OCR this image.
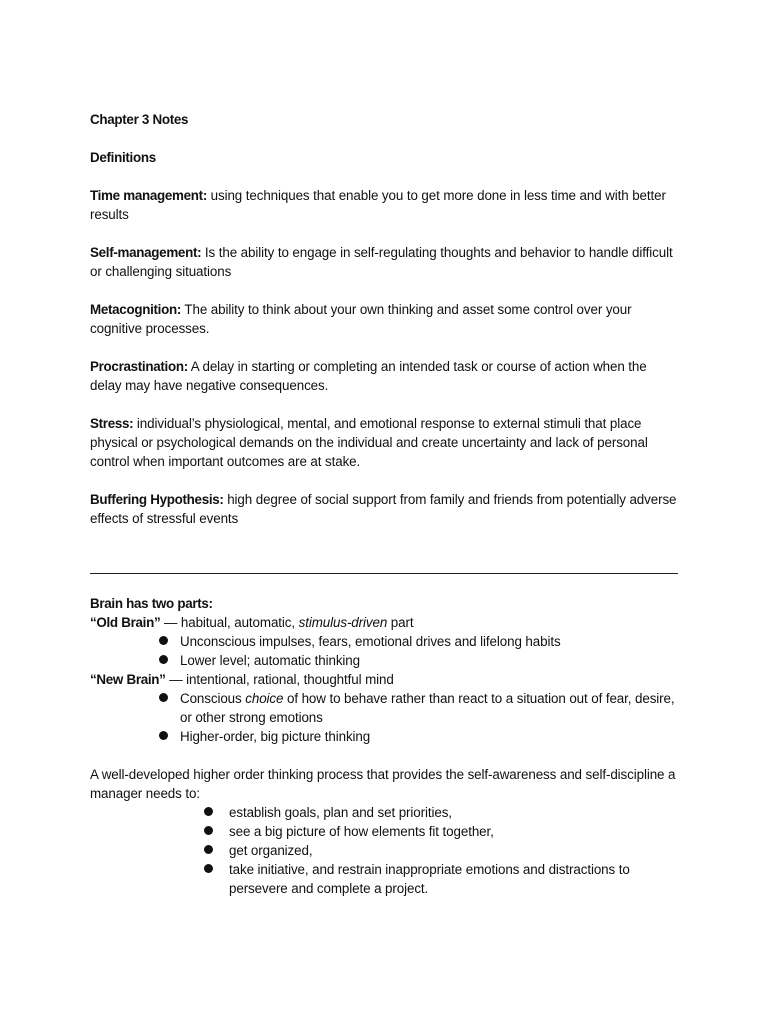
Chapter 3 Notes

Definitions

Time management: using techniques that enable you to get more done in less time and with better results

Self-management: Is the ability to engage in self-regulating thoughts and behavior to handle difficult or challenging situations

Metacognition: The ability to think about your own thinking and asset some control over your cognitive processes.

Procrastination: A delay in starting or completing an intended task or course of action when the delay may have negative consequences.

Stress: individual’s physiological, mental, and emotional response to external stimuli that place physical or psychological demands on the individual and create uncertainty and lack of personal control when important outcomes are at stake.

Buffering Hypothesis: high degree of social support from family and friends from potentially adverse effects of stressful events

Brain has two parts:

“Old Brain” — habitual, automatic, stimulus-driven part

Unconscious impulses, fears, emotional drives and lifelong habits
Lower level; automatic thinking

“New Brain” — intentional, rational, thoughtful mind

Conscious choice of how to behave rather than react to a situation out of fear, desire, or other strong emotions
Higher-order, big picture thinking

A well-developed higher order thinking process that provides the self-awareness and self-discipline a manager needs to:

establish goals, plan and set priorities,
see a big picture of how elements fit together,
get organized,
take initiative, and restrain inappropriate emotions and distractions to persevere and complete a project.
